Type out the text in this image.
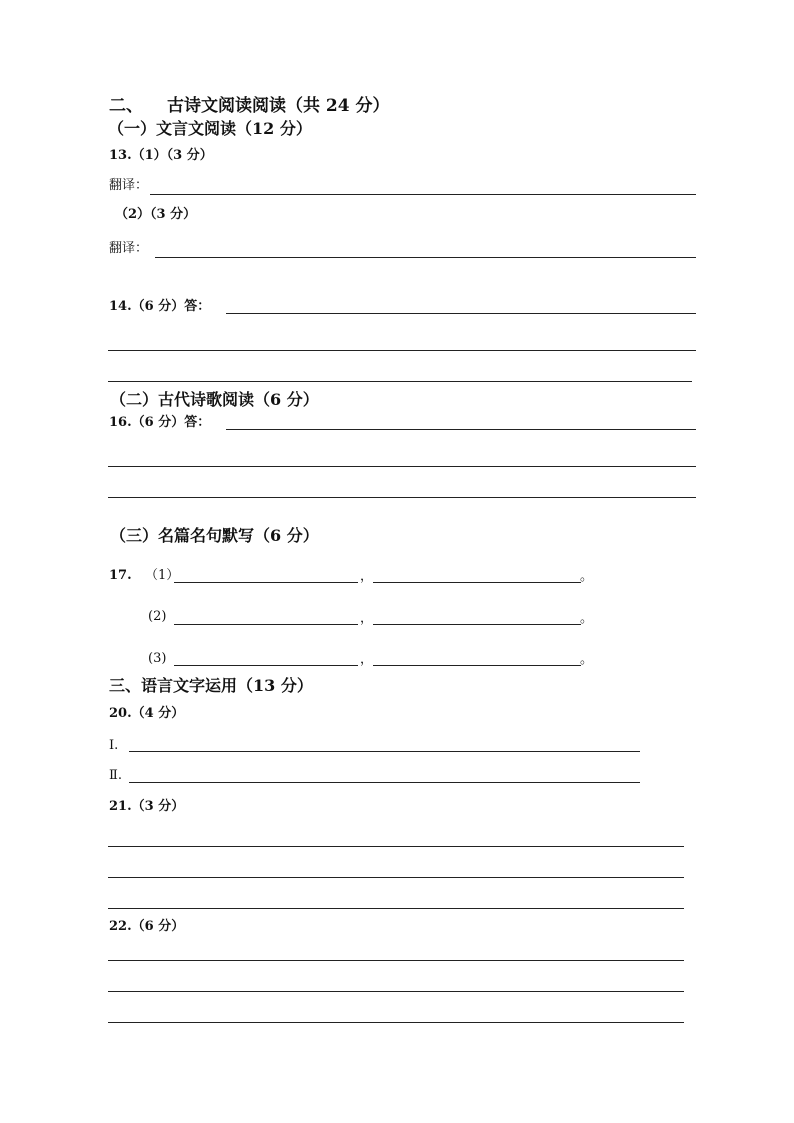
二、 古诗文阅读阅读（共 24 分）
（一）文言文阅读（12 分）
13.（1）（3 分）
翻译：
（2）（3 分）
翻译：
14.（6 分）答：
（二）古代诗歌阅读（6 分）
16.（6 分）答：
（三）名篇名句默写（6 分）
17. （1）	，	。
(2)	，	。
(3)	，	。
三、语言文字运用（13 分）
20.（4 分）
Ⅰ.
Ⅱ.
21.（3 分）
22.（6 分）
